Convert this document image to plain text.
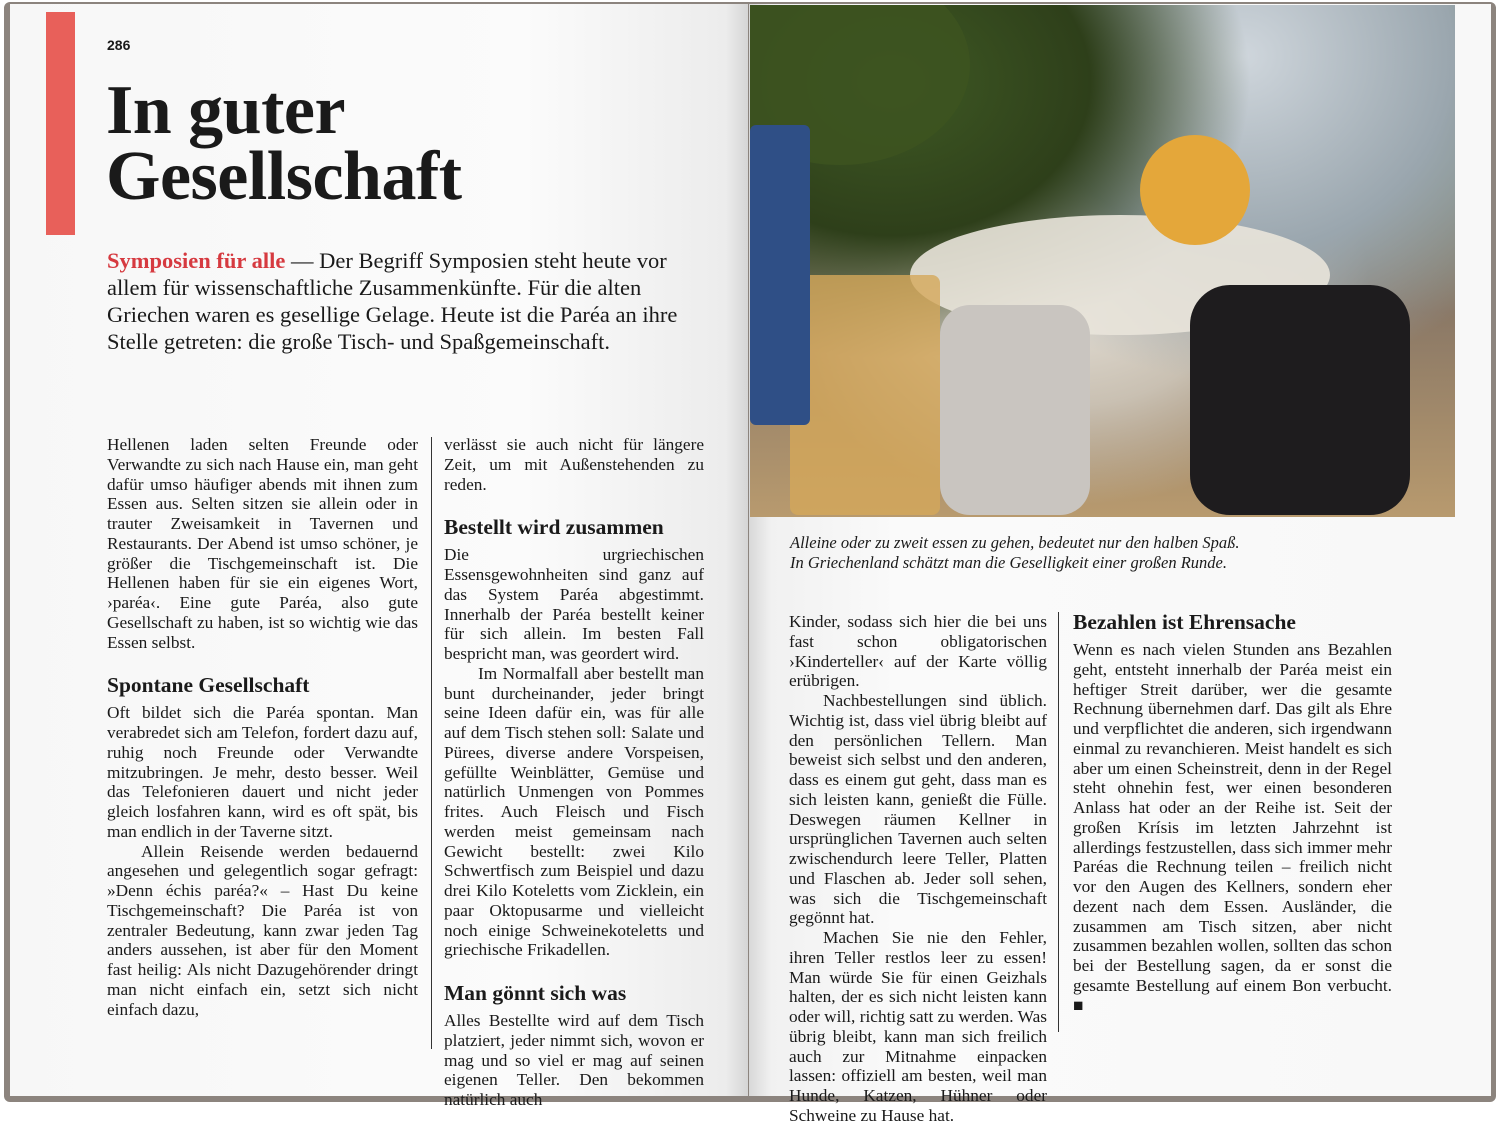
286
In guter
Gesellschaft

Symposien für alle — Der Begriff Symposien steht heute vor allem für wissenschaftliche Zusammenkünfte. Für die alten Griechen waren es gesellige Gelage. Heute ist die Paréa an ihre Stelle getreten: die große Tisch- und Spaßgemeinschaft.

Hellenen laden selten Freunde oder Verwandte zu sich nach Hause ein, man geht dafür umso häufiger abends mit ihnen zum Essen aus. Selten sitzen sie allein oder in trauter Zweisamkeit in Tavernen und Restaurants. Der Abend ist umso schöner, je größer die Tischgemeinschaft ist. Die Hellenen haben für sie ein eigenes Wort, ›paréa‹. Eine gute Paréa, also gute Gesellschaft zu haben, ist so wichtig wie das Essen selbst.

Spontane Gesellschaft

Oft bildet sich die Paréa spontan. Man verabredet sich am Telefon, fordert dazu auf, ruhig noch Freunde oder Verwandte mitzubringen. Je mehr, desto besser. Weil das Telefonieren dauert und nicht jeder gleich losfahren kann, wird es oft spät, bis man endlich in der Taverne sitzt.

Allein Reisende werden bedauernd angesehen und gelegentlich sogar gefragt: »Denn échis paréa?« – Hast Du keine Tischgemeinschaft? Die Paréa ist von zentraler Bedeutung, kann zwar jeden Tag anders aussehen, ist aber für den Moment fast heilig: Als nicht Dazugehörender dringt man nicht einfach ein, setzt sich nicht einfach dazu,

verlässt sie auch nicht für längere Zeit, um mit Außenstehenden zu reden.

Bestellt wird zusammen

Die urgriechischen Essensgewohnheiten sind ganz auf das System Paréa abgestimmt. Innerhalb der Paréa bestellt keiner für sich allein. Im besten Fall bespricht man, was geordert wird.

Im Normalfall aber bestellt man bunt durcheinander, jeder bringt seine Ideen dafür ein, was für alle auf dem Tisch stehen soll: Salate und Pürees, diverse andere Vorspeisen, gefüllte Weinblätter, Gemüse und natürlich Unmengen von Pommes frites. Auch Fleisch und Fisch werden meist gemeinsam nach Gewicht bestellt: zwei Kilo Schwertfisch zum Beispiel und dazu drei Kilo Koteletts vom Zicklein, ein paar Oktopusarme und vielleicht noch einige Schweinekoteletts und griechische Frikadellen.

Man gönnt sich was

Alles Bestellte wird auf dem Tisch platziert, jeder nimmt sich, wovon er mag und so viel er mag auf seinen eigenen Teller. Den bekommen natürlich auch

Alleine oder zu zweit essen zu gehen, bedeutet nur den halben Spaß.
In Griechenland schätzt man die Geselligkeit einer großen Runde.

Kinder, sodass sich hier die bei uns fast schon obligatorischen ›Kinderteller‹ auf der Karte völlig erübrigen.

Nachbestellungen sind üblich. Wichtig ist, dass viel übrig bleibt auf den persönlichen Tellern. Man beweist sich selbst und den anderen, dass es einem gut geht, dass man es sich leisten kann, genießt die Fülle. Deswegen räumen Kellner in ursprünglichen Tavernen auch selten zwischendurch leere Teller, Platten und Flaschen ab. Jeder soll sehen, was sich die Tischgemeinschaft gegönnt hat.

Machen Sie nie den Fehler, ihren Teller restlos leer zu essen! Man würde Sie für einen Geizhals halten, der es sich nicht leisten kann oder will, richtig satt zu werden. Was übrig bleibt, kann man sich freilich auch zur Mitnahme einpacken lassen: offiziell am besten, weil man Hunde, Katzen, Hühner oder Schweine zu Hause hat.

Bezahlen ist Ehrensache

Wenn es nach vielen Stunden ans Bezahlen geht, entsteht innerhalb der Paréa meist ein heftiger Streit darüber, wer die gesamte Rechnung übernehmen darf. Das gilt als Ehre und verpflichtet die anderen, sich irgendwann einmal zu revanchieren. Meist handelt es sich aber um einen Scheinstreit, denn in der Regel steht ohnehin fest, wer einen besonderen Anlass hat oder an der Reihe ist. Seit der großen Krísis im letzten Jahrzehnt ist allerdings festzustellen, dass sich immer mehr Paréas die Rechnung teilen – freilich nicht vor den Augen des Kellners, sondern eher dezent nach dem Essen. Ausländer, die zusammen am Tisch sitzen, aber nicht zusammen bezahlen wollen, sollten das schon bei der Bestellung sagen, da er sonst die gesamte Bestellung auf einem Bon verbucht. ■
